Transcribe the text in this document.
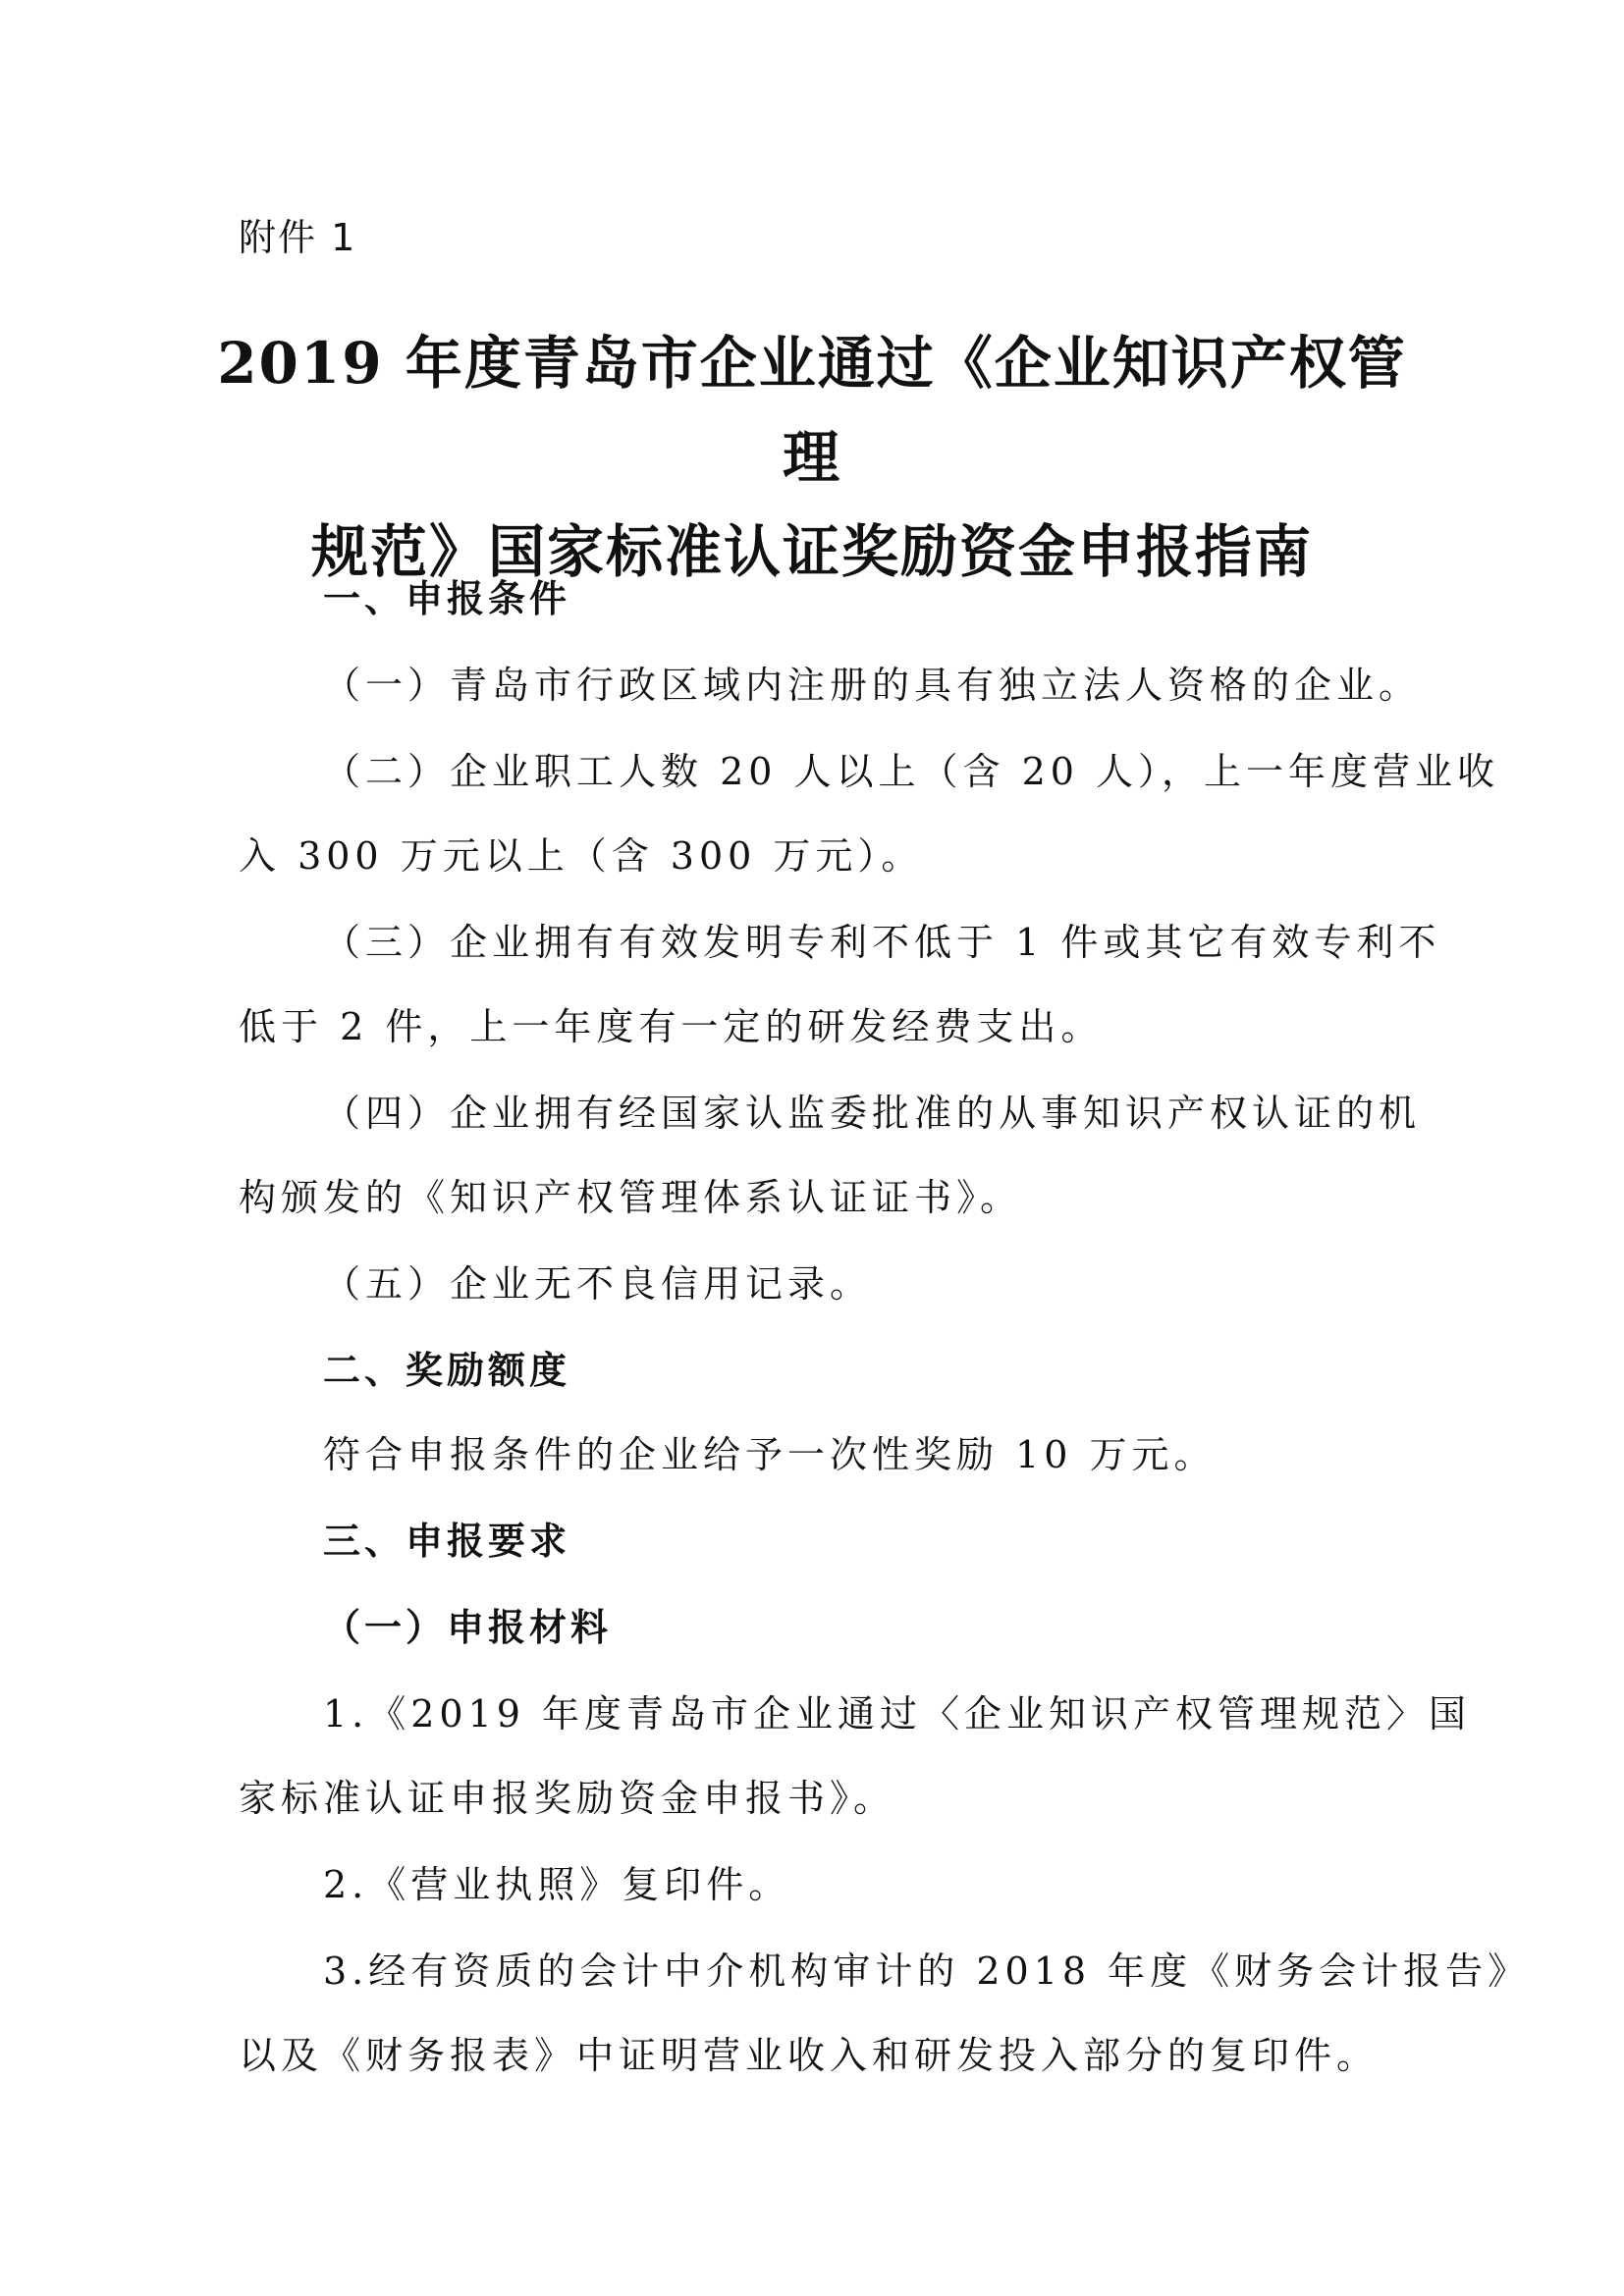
附件 1
2019 年度青岛市企业通过《企业知识产权管理
规范》国家标准认证奖励资金申报指南
一、申报条件
（一）青岛市行政区域内注册的具有独立法人资格的企业。
（二）企业职工人数 20 人以上（含 20 人），上一年度营业收
入 300 万元以上（含 300 万元）。
（三）企业拥有有效发明专利不低于 1 件或其它有效专利不
低于 2 件，上一年度有一定的研发经费支出。
（四）企业拥有经国家认监委批准的从事知识产权认证的机
构颁发的《知识产权管理体系认证证书》。
（五）企业无不良信用记录。
二、奖励额度
符合申报条件的企业给予一次性奖励 10 万元。
三、申报要求
（一）申报材料
1.《2019 年度青岛市企业通过〈企业知识产权管理规范〉国
家标准认证申报奖励资金申报书》。
2.《营业执照》复印件。
3.经有资质的会计中介机构审计的 2018 年度《财务会计报告》
以及《财务报表》中证明营业收入和研发投入部分的复印件。
